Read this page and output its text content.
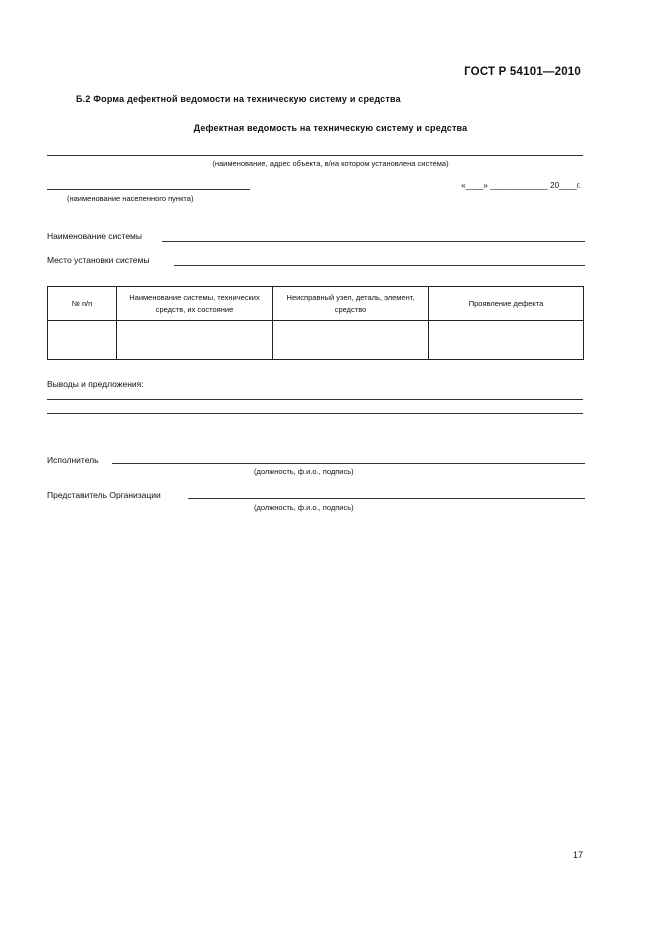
ГОСТ Р 54101—2010
Б.2 Форма дефектной ведомости на техническую систему и средства
Дефектная ведомость на техническую систему и средства
(наименование, адрес объекта, в/на котором установлена система)
(наименование населенного пункта)
«____» _____________ 20____г.
Наименование системы
Место установки системы
№ п/п	Наименование системы, технических средств, их состояние	Неисправный узел, деталь, элемент, средство	Проявление дефекта

Выводы и предложения:
Исполнитель
(должность, ф.и.о., подпись)
Представитель Организации
(должность, ф.и.о., подпись)
17
